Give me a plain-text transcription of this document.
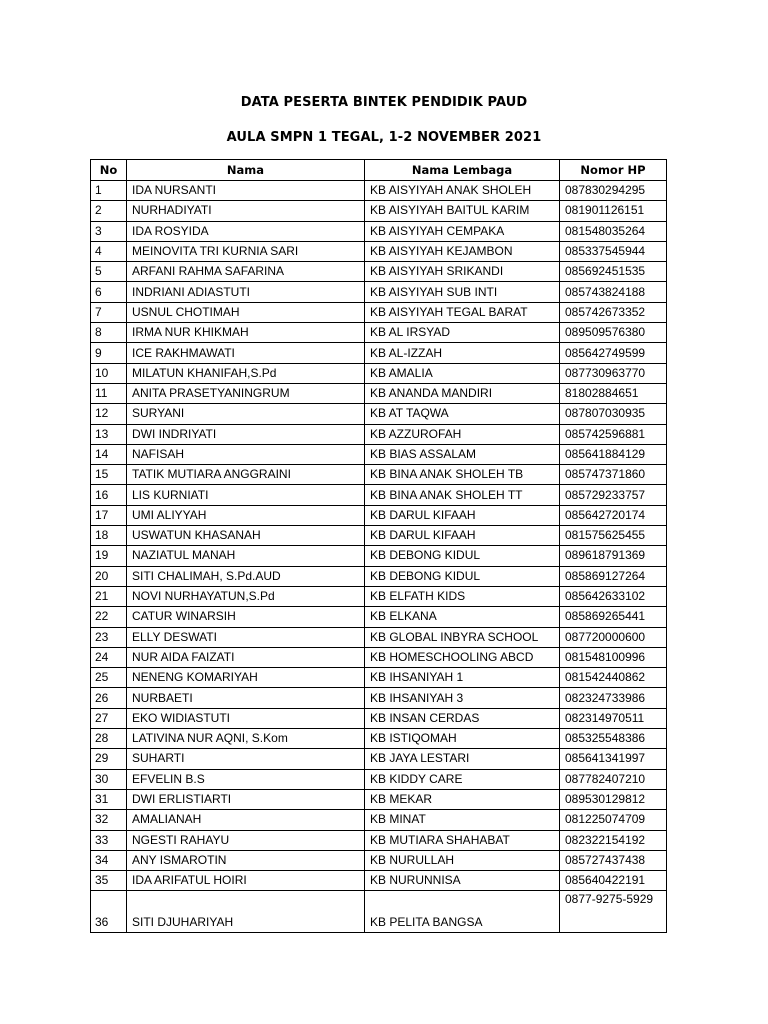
DATA PESERTA BINTEK PENDIDIK PAUD
AULA SMPN 1 TEGAL, 1-2 NOVEMBER 2021
No	Nama	Nama Lembaga	Nomor HP
1	IDA NURSANTI	KB AISYIYAH ANAK SHOLEH	087830294295
2	NURHADIYATI	KB AISYIYAH BAITUL KARIM	081901126151
3	IDA ROSYIDA	KB AISYIYAH CEMPAKA	081548035264
4	MEINOVITA TRI KURNIA SARI	KB AISYIYAH KEJAMBON	085337545944
5	ARFANI RAHMA SAFARINA	KB AISYIYAH SRIKANDI	085692451535
6	INDRIANI ADIASTUTI	KB AISYIYAH SUB INTI	085743824188
7	USNUL CHOTIMAH	KB AISYIYAH TEGAL BARAT	085742673352
8	IRMA NUR KHIKMAH	KB AL IRSYAD	089509576380
9	ICE RAKHMAWATI	KB AL-IZZAH	085642749599
10	MILATUN KHANIFAH,S.Pd	KB AMALIA	087730963770
11	ANITA PRASETYANINGRUM	KB ANANDA MANDIRI	81802884651
12	SURYANI	KB AT TAQWA	087807030935
13	DWI INDRIYATI	KB AZZUROFAH	085742596881
14	NAFISAH	KB BIAS ASSALAM	085641884129
15	TATIK MUTIARA ANGGRAINI	KB BINA ANAK SHOLEH TB	085747371860
16	LIS KURNIATI	KB BINA ANAK SHOLEH TT	085729233757
17	UMI ALIYYAH	KB DARUL KIFAAH	085642720174
18	USWATUN KHASANAH	KB DARUL KIFAAH	081575625455
19	NAZIATUL MANAH	KB DEBONG KIDUL	089618791369
20	SITI CHALIMAH, S.Pd.AUD	KB DEBONG KIDUL	085869127264
21	NOVI NURHAYATUN,S.Pd	KB ELFATH KIDS	085642633102
22	CATUR WINARSIH	KB ELKANA	085869265441
23	ELLY DESWATI	KB GLOBAL INBYRA SCHOOL	087720000600
24	NUR AIDA FAIZATI	KB HOMESCHOOLING ABCD	081548100996
25	NENENG KOMARIYAH	KB IHSANIYAH 1	081542440862
26	NURBAETI	KB IHSANIYAH 3	082324733986
27	EKO WIDIASTUTI	KB INSAN CERDAS	082314970511
28	LATIVINA NUR AQNI, S.Kom	KB ISTIQOMAH	085325548386
29	SUHARTI	KB JAYA LESTARI	085641341997
30	EFVELIN B.S	KB KIDDY CARE	087782407210
31	DWI ERLISTIARTI	KB MEKAR	089530129812
32	AMALIANAH	KB MINAT	081225074709
33	NGESTI RAHAYU	KB MUTIARA SHAHABAT	082322154192
34	ANY ISMAROTIN	KB NURULLAH	085727437438
35	IDA ARIFATUL HOIRI	KB NURUNNISA	085640422191
36	SITI DJUHARIYAH	KB PELITA BANGSA	0877-9275-5929
